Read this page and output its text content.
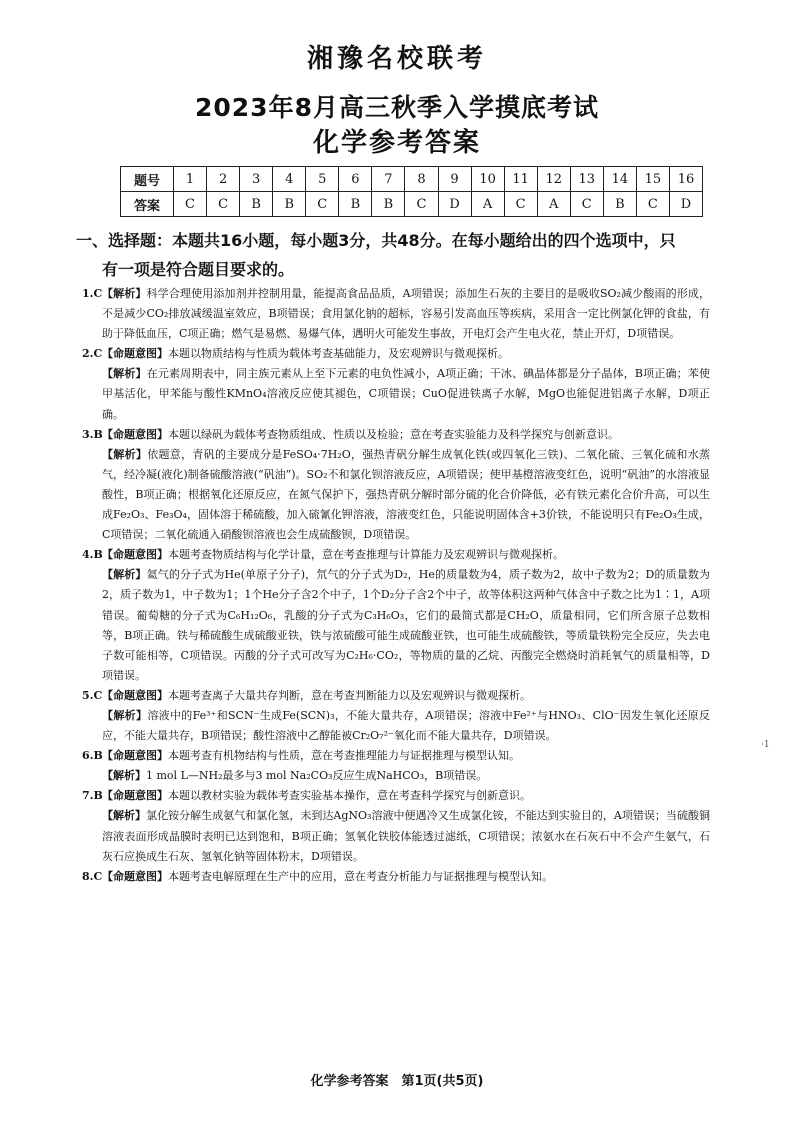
湘豫名校联考
2023年8月高三秋季入学摸底考试
化学参考答案
题号	1	2	3	4	5	6	7	8	9	10	11	12	13	14	15	16
答案	C	C	B	B	C	B	B	C	D	A	C	A	C	B	C	D
一、选择题：本题共16小题，每小题3分，共48分。在每小题给出的四个选项中，只
有一项是符合题目要求的。

1.C 【解析】科学合理使用添加剂并控制用量，能提高食品品质，A项错误；添加生石灰的主要目的是吸收SO₂减少酸雨的形成，不是减少CO₂排放减缓温室效应，B项错误；食用氯化钠的超标，容易引发高血压等疾病，采用含一定比例氯化钾的食盐，有助于降低血压，C项正确；燃气是易燃、易爆气体，遇明火可能发生事故，开电灯会产生电火花，禁止开灯，D项错误。

2.C 【命题意图】本题以物质结构与性质为载体考查基础能力，及宏观辨识与微观探析。

【解析】在元素周期表中，同主族元素从上至下元素的电负性减小，A项正确；干冰、碘晶体都是分子晶体，B项正确；苯使甲基活化，甲苯能与酸性KMnO₄溶液反应使其褪色，C项错误；CuO促进铁离子水解，MgO也能促进铝离子水解，D项正确。

3.B 【命题意图】本题以绿矾为载体考查物质组成、性质以及检验；意在考查实验能力及科学探究与创新意识。

【解析】依题意，青矾的主要成分是FeSO₄·7H₂O，强热青矾分解生成氧化铁(或四氧化三铁)、二氧化硫、三氧化硫和水蒸气，经冷凝(液化)制备硫酸溶液(“矾油”)。SO₂不和氯化钡溶液反应，A项错误；使甲基橙溶液变红色，说明“矾油”的水溶液显酸性，B项正确；根据氧化还原反应，在氮气保护下，强热青矾分解时部分硫的化合价降低，必有铁元素化合价升高，可以生成Fe₂O₃、Fe₃O₄，固体溶于稀硫酸，加入硫氰化钾溶液，溶液变红色，只能说明固体含+3价铁，不能说明只有Fe₂O₃生成，C项错误；二氧化硫通入硝酸钡溶液也会生成硫酸钡，D项错误。

4.B 【命题意图】本题考查物质结构与化学计量，意在考查推理与计算能力及宏观辨识与微观探析。

【解析】氦气的分子式为He(单原子分子)，氘气的分子式为D₂，He的质量数为4，质子数为2，故中子数为2；D的质量数为2，质子数为1，中子数为1；1个He分子含2个中子，1个D₂分子含2个中子，故等体积这两种气体含中子数之比为1∶1，A项错误。葡萄糖的分子式为C₆H₁₂O₆，乳酸的分子式为C₃H₆O₃，它们的最简式都是CH₂O，质量相同，它们所含原子总数相等，B项正确。铁与稀硫酸生成硫酸亚铁，铁与浓硫酸可能生成硫酸亚铁，也可能生成硫酸铁，等质量铁粉完全反应，失去电子数可能相等，C项错误。丙酸的分子式可改写为C₂H₆·CO₂，等物质的量的乙烷、丙酸完全燃烧时消耗氧气的质量相等，D项错误。

5.C 【命题意图】本题考查离子大量共存判断，意在考查判断能力以及宏观辨识与微观探析。

【解析】溶液中的Fe³⁺和SCN⁻生成Fe(SCN)₃，不能大量共存，A项错误；溶液中Fe²⁺与HNO₃、ClO⁻因发生氧化还原反应，不能大量共存，B项错误；酸性溶液中乙醇能被Cr₂O₇²⁻氧化而不能大量共存，D项错误。

6.B 【命题意图】本题考查有机物结构与性质，意在考查推理能力与证据推理与模型认知。

【解析】1 mol L—NH₂最多与3 mol Na₂CO₃反应生成NaHCO₃，B项错误。

7.B 【命题意图】本题以教材实验为载体考查实验基本操作，意在考查科学探究与创新意识。

【解析】氯化铵分解生成氨气和氯化氢，未到达AgNO₃溶液中便遇冷又生成氯化铵，不能达到实验目的，A项错误；当硫酸铜溶液表面形成晶膜时表明已达到饱和，B项正确；氢氧化铁胶体能透过滤纸，C项错误；浓氨水在石灰石中不会产生氨气，石灰石应换成生石灰、氢氧化钠等固体粉末，D项错误。

8.C 【命题意图】本题考查电解原理在生产中的应用，意在考查分析能力与证据推理与模型认知。

·1
化学参考答案　第1页(共5页)
